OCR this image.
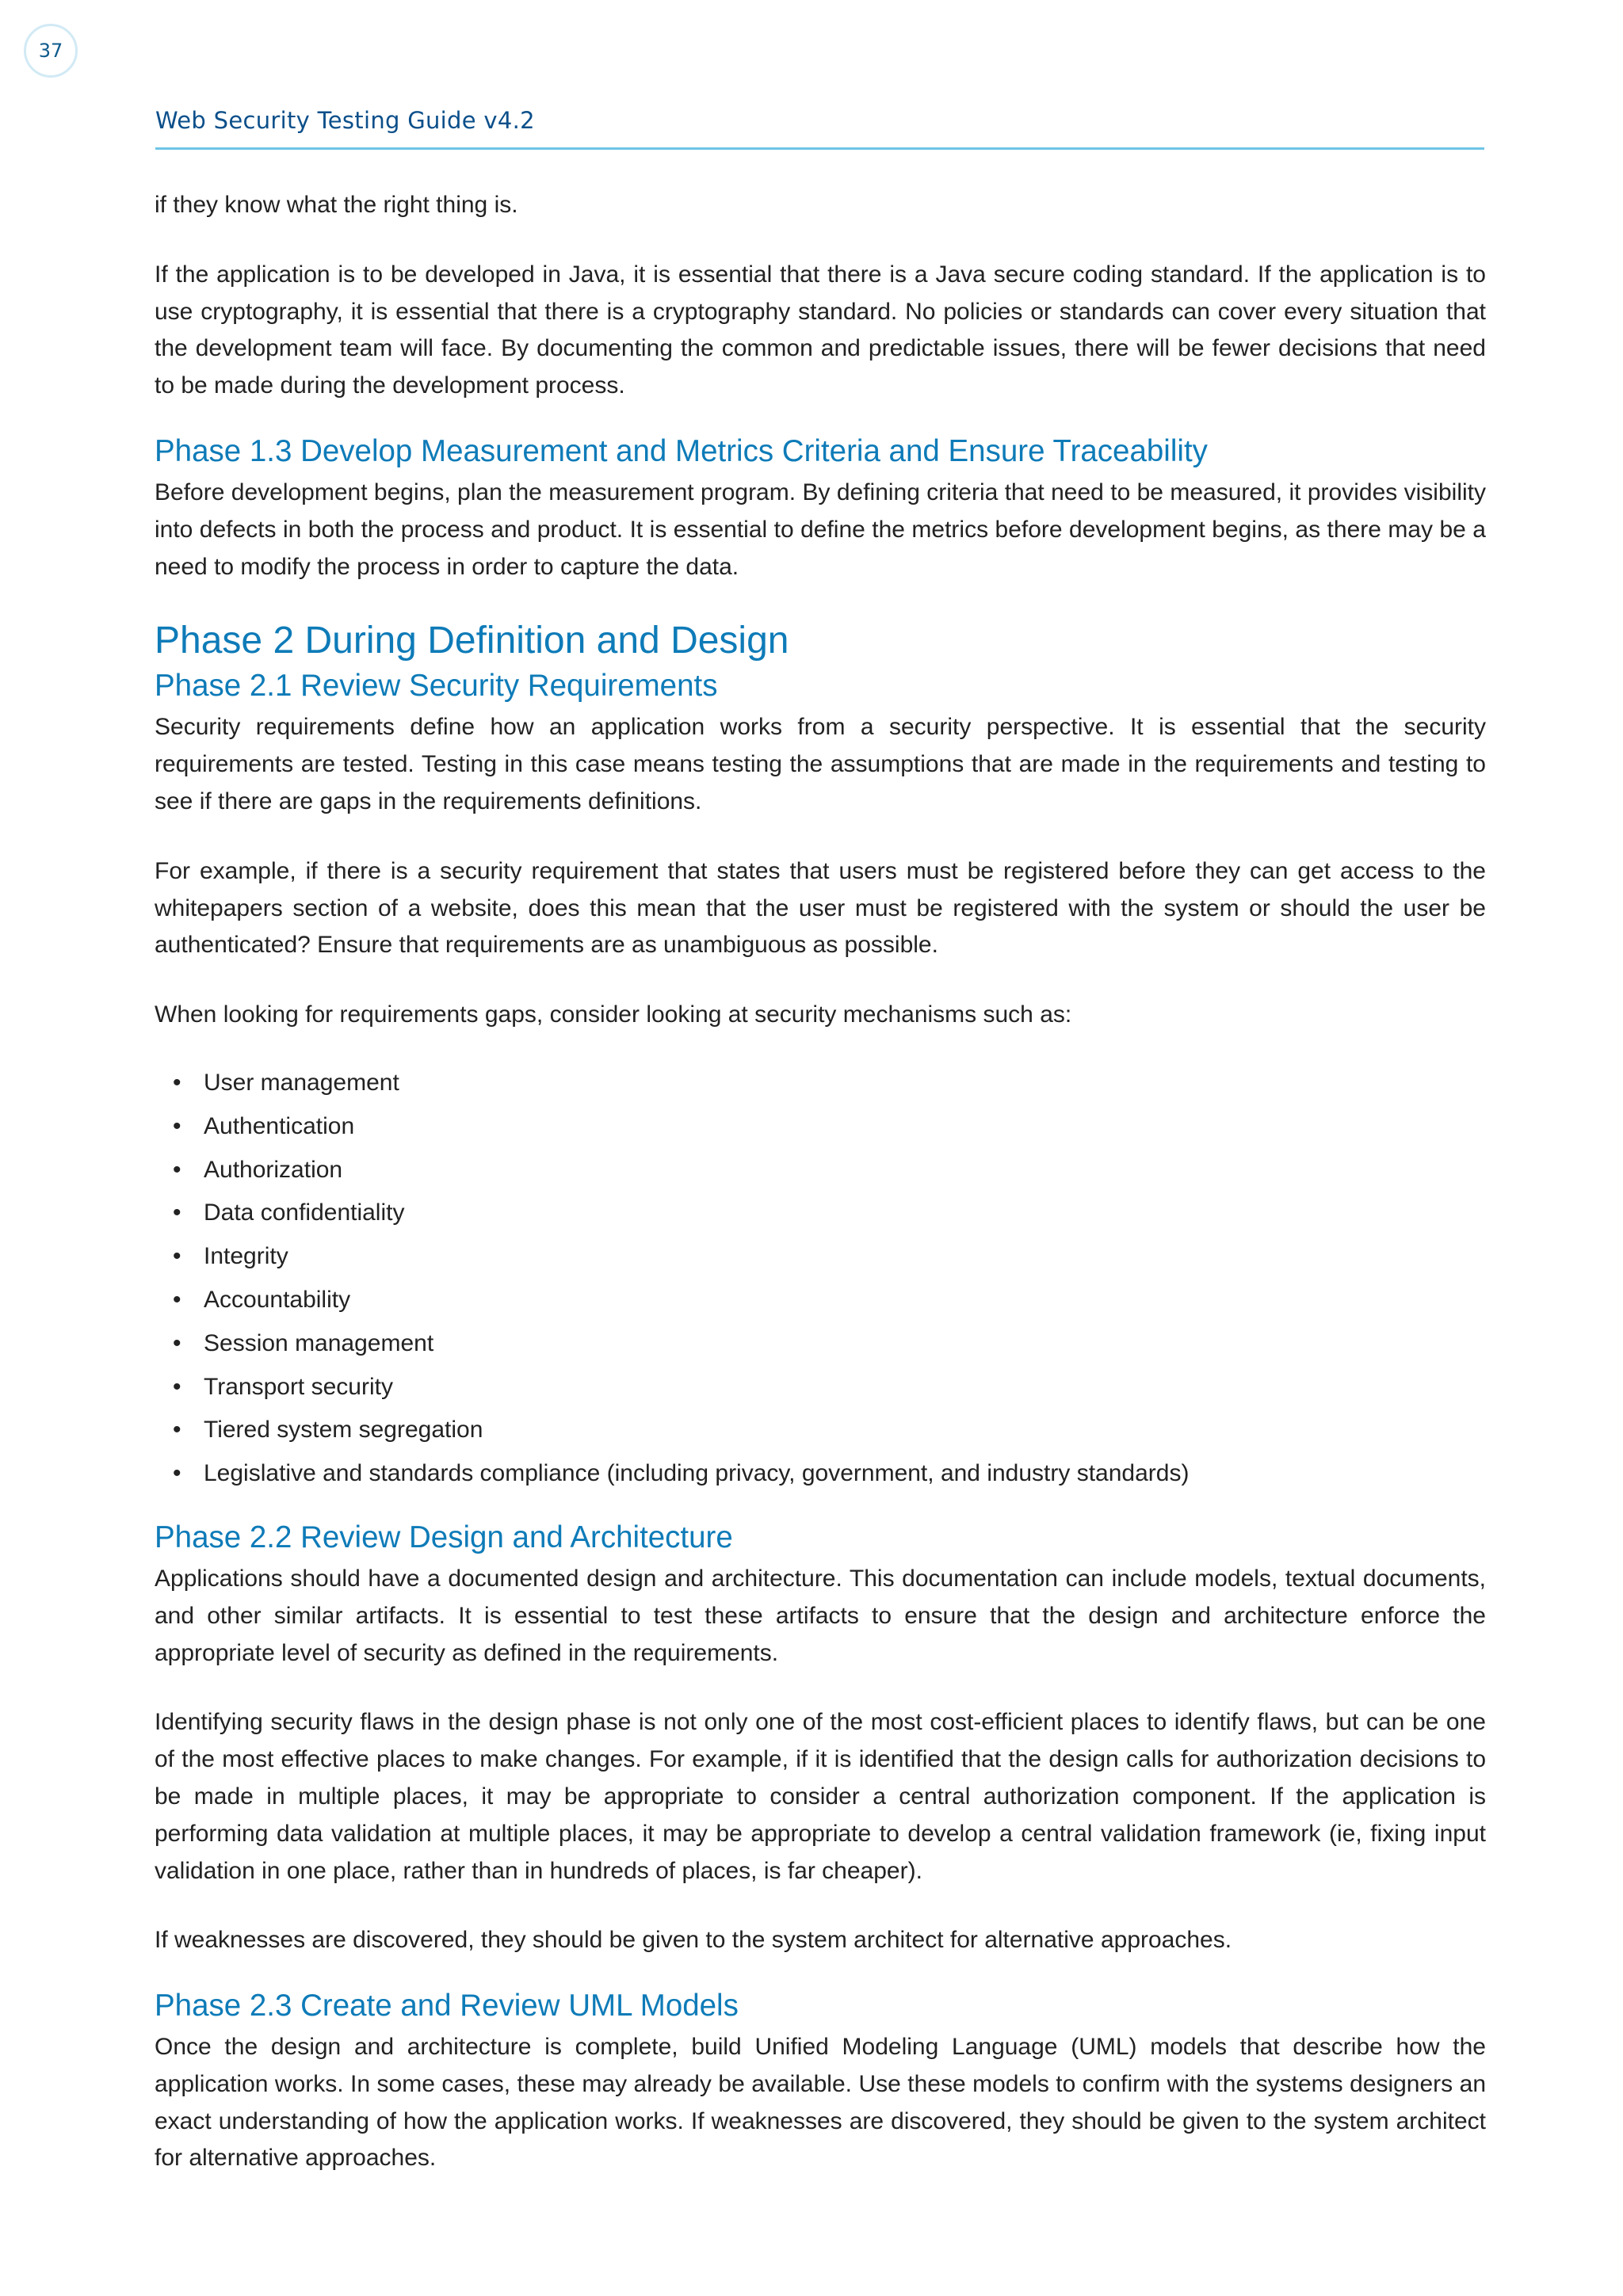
37
Web Security Testing Guide v4.2

if they know what the right thing is.

If the application is to be developed in Java, it is essential that there is a Java secure coding standard. If the application is to use cryptography, it is essential that there is a cryptography standard. No policies or standards can cover every situation that the development team will face. By documenting the common and predictable issues, there will be fewer decisions that need to be made during the development process.

Phase 1.3 Develop Measurement and Metrics Criteria and Ensure Traceability

Before development begins, plan the measurement program. By defining criteria that need to be measured, it provides visibility into defects in both the process and product. It is essential to define the metrics before development begins, as there may be a need to modify the process in order to capture the data.

Phase 2 During Definition and Design
Phase 2.1 Review Security Requirements

Security requirements define how an application works from a security perspective. It is essential that the security requirements are tested. Testing in this case means testing the assumptions that are made in the requirements and testing to see if there are gaps in the requirements definitions.

For example, if there is a security requirement that states that users must be registered before they can get access to the whitepapers section of a website, does this mean that the user must be registered with the system or should the user be authenticated? Ensure that requirements are as unambiguous as possible.

When looking for requirements gaps, consider looking at security mechanisms such as:

• User management
• Authentication
• Authorization
• Data confidentiality
• Integrity
• Accountability
• Session management
• Transport security
• Tiered system segregation
• Legislative and standards compliance (including privacy, government, and industry standards)
Phase 2.2 Review Design and Architecture

Applications should have a documented design and architecture. This documentation can include models, textual documents, and other similar artifacts. It is essential to test these artifacts to ensure that the design and architecture enforce the appropriate level of security as defined in the requirements.

Identifying security flaws in the design phase is not only one of the most cost-efficient places to identify flaws, but can be one of the most effective places to make changes. For example, if it is identified that the design calls for authorization decisions to be made in multiple places, it may be appropriate to consider a central authorization component. If the application is performing data validation at multiple places, it may be appropriate to develop a central validation framework (ie, fixing input validation in one place, rather than in hundreds of places, is far cheaper).

If weaknesses are discovered, they should be given to the system architect for alternative approaches.

Phase 2.3 Create and Review UML Models

Once the design and architecture is complete, build Unified Modeling Language (UML) models that describe how the application works. In some cases, these may already be available. Use these models to confirm with the systems designers an exact understanding of how the application works. If weaknesses are discovered, they should be given to the system architect for alternative approaches.
